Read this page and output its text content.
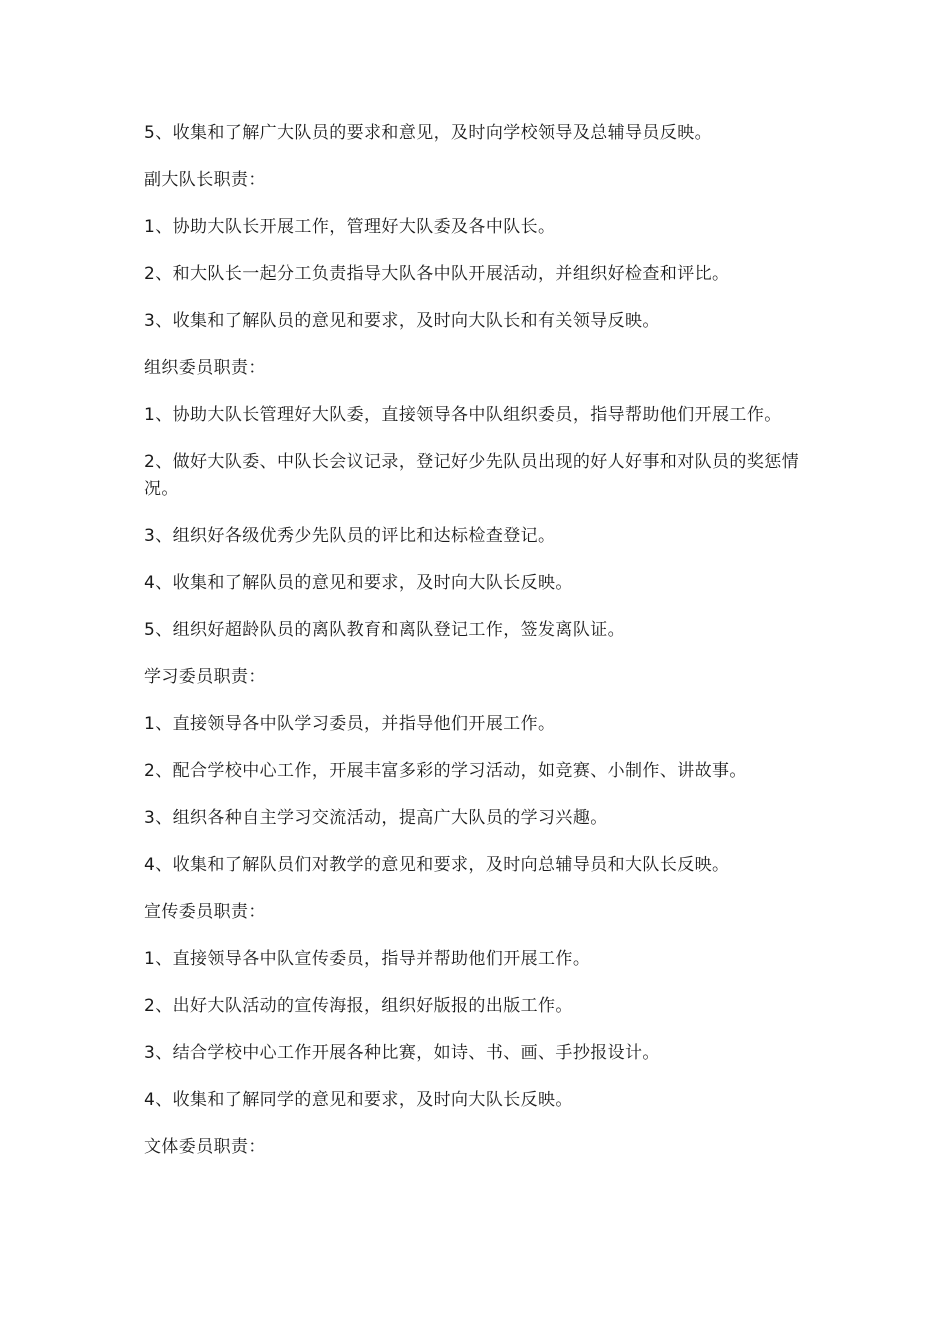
5、收集和了解广大队员的要求和意见，及时向学校领导及总辅导员反映。

副大队长职责：

1、协助大队长开展工作，管理好大队委及各中队长。

2、和大队长一起分工负责指导大队各中队开展活动，并组织好检查和评比。

3、收集和了解队员的意见和要求，及时向大队长和有关领导反映。

组织委员职责：

1、协助大队长管理好大队委，直接领导各中队组织委员，指导帮助他们开展工作。

2、做好大队委、中队长会议记录，登记好少先队员出现的好人好事和对队员的奖惩情况。

3、组织好各级优秀少先队员的评比和达标检查登记。

4、收集和了解队员的意见和要求，及时向大队长反映。

5、组织好超龄队员的离队教育和离队登记工作，签发离队证。

学习委员职责：

1、直接领导各中队学习委员，并指导他们开展工作。

2、配合学校中心工作，开展丰富多彩的学习活动，如竞赛、小制作、讲故事。

3、组织各种自主学习交流活动，提高广大队员的学习兴趣。

4、收集和了解队员们对教学的意见和要求，及时向总辅导员和大队长反映。

宣传委员职责：

1、直接领导各中队宣传委员，指导并帮助他们开展工作。

2、出好大队活动的宣传海报，组织好版报的出版工作。

3、结合学校中心工作开展各种比赛，如诗、书、画、手抄报设计。

4、收集和了解同学的意见和要求，及时向大队长反映。

文体委员职责：
